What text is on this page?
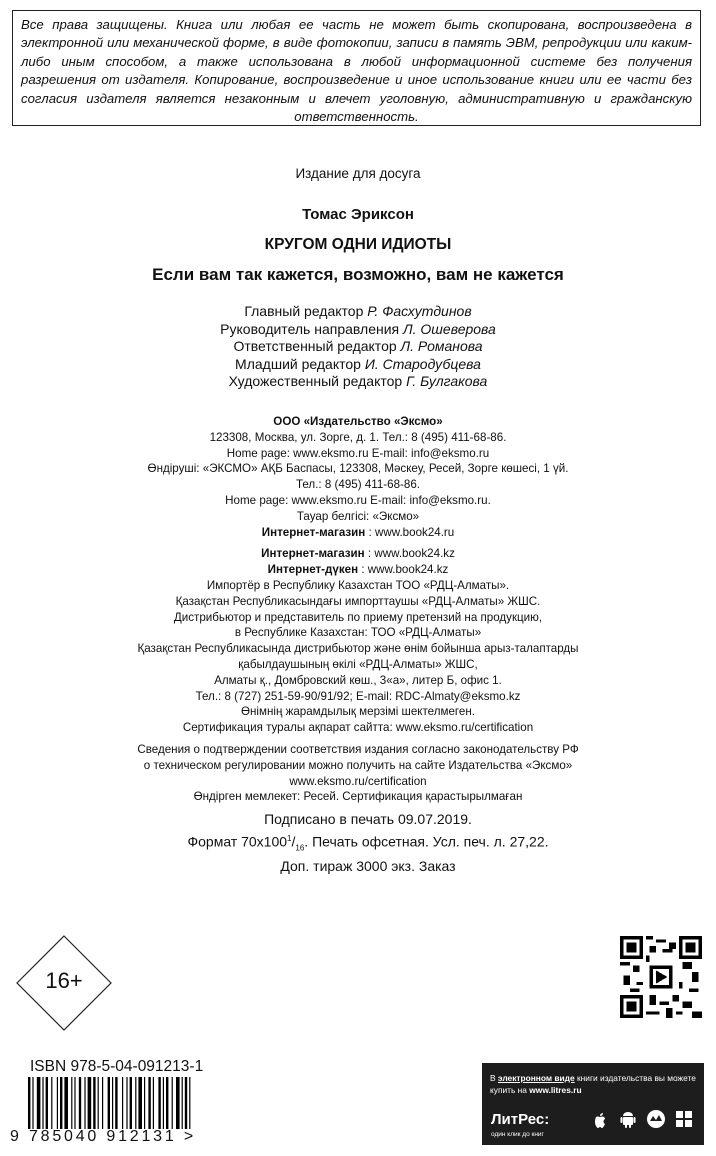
Все права защищены. Книга или любая ее часть не может быть скопирована, воспроизведена в электронной или механической форме, в виде фотокопии, записи в память ЭВМ, репродукции или каким-либо иным способом, а также использована в любой информационной системе без получения разрешения от издателя. Копирование, воспроизведение и иное использование книги или ее части без согласия издателя является незаконным и влечет уголовную, административную и гражданскую ответственность.
Издание для досуга
Томас Эриксон
КРУГОМ ОДНИ ИДИОТЫ
Если вам так кажется, возможно, вам не кажется
Главный редактор Р. Фасхутдинов
Руководитель направления Л. Ошеверова
Ответственный редактор Л. Романова
Младший редактор И. Стародубцева
Художественный редактор Г. Булгакова
ООО «Издательство «Эксмо»
123308, Москва, ул. Зорге, д. 1. Тел.: 8 (495) 411-68-86.
Home page: www.eksmo.ru E-mail: info@eksmo.ru
Өндіруші: «ЭКСМО» АҚБ Баспасы, 123308, Мәскеу, Ресей, Зорге көшесі, 1 үй.
Тел.: 8 (495) 411-68-86.
Home page: www.eksmo.ru E-mail: info@eksmo.ru.
Тауар белгісі: «Эксмо»
Интернет-магазин : www.book24.ru
Интернет-магазин : www.book24.kz
Интернет-дүкен : www.book24.kz
Импортёр в Республику Казахстан ТОО «РДЦ-Алматы».
Қазақстан Республикасындағы импорттаушы «РДЦ-Алматы» ЖШС.
Дистрибьютор и представитель по приему претензий на продукцию,
в Республике Казахстан: ТОО «РДЦ-Алматы»
Қазақстан Республикасында дистрибьютор және өнім бойынша арыз-талаптарды
қабылдаушының өкілі «РДЦ-Алматы» ЖШС,
Алматы қ., Домбровский көш., 3«а», литер Б, офис 1.
Тел.: 8 (727) 251-59-90/91/92; E-mail: RDC-Almaty@eksmo.kz
Өнімнің жарамдылық мерзімі шектелмеген.
Сертификация туралы ақпарат сайтта: www.eksmo.ru/certification
Сведения о подтверждении соответствия издания согласно законодательству РФ
о техническом регулировании можно получить на сайте Издательства «Эксмо»
www.eksmo.ru/certification
Өндірген мемлекет: Ресей. Сертификация қарастырылмаған
Подписано в печать 09.07.2019.
Формат $70x100^1/_{16}$. Печать офсетная. Усл. печ. л. 27,22.
Доп. тираж 3000 экз. Заказ
16+
ISBN 978-5-04-091213-1
9 785040 912131 >
В электронном виде книги издательства вы можете
купить на www.litres.ru
ЛитРес:
один клик до книг
